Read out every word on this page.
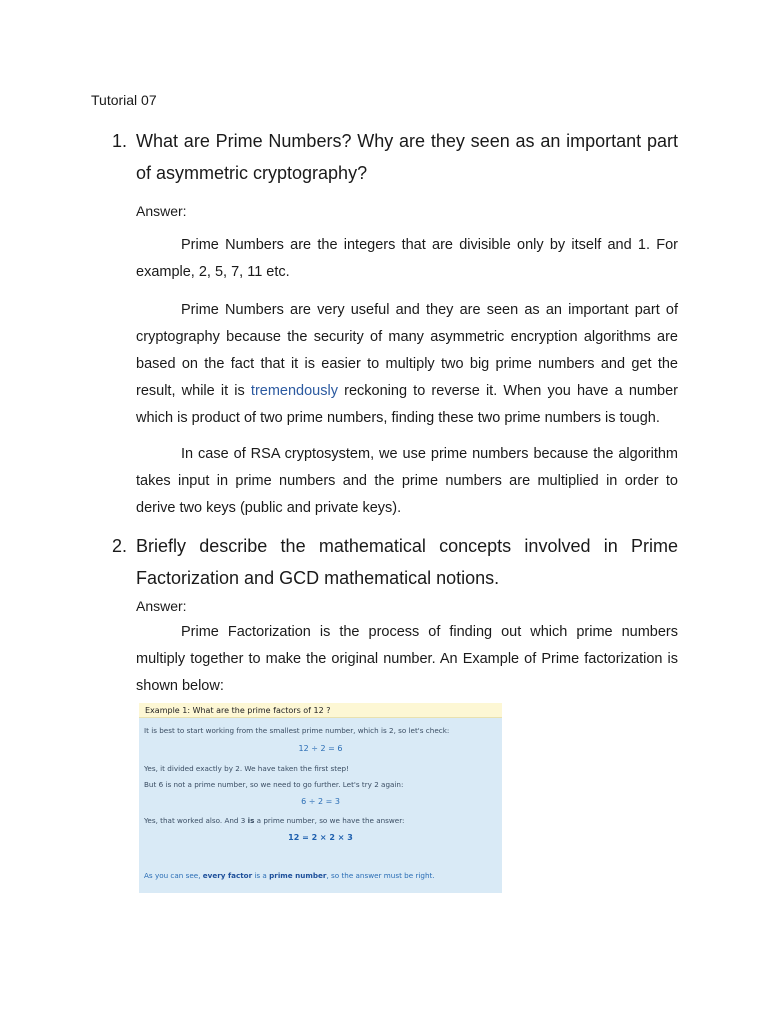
Tutorial 07
1. What are Prime Numbers? Why are they seen as an important part of asymmetric cryptography?
Answer:
Prime Numbers are the integers that are divisible only by itself and 1. For example, 2, 5, 7, 11 etc.
Prime Numbers are very useful and they are seen as an important part of cryptography because the security of many asymmetric encryption algorithms are based on the fact that it is easier to multiply two big prime numbers and get the result, while it is tremendously reckoning to reverse it. When you have a number which is product of two prime numbers, finding these two prime numbers is tough.
In case of RSA cryptosystem, we use prime numbers because the algorithm takes input in prime numbers and the prime numbers are multiplied in order to derive two keys (public and private keys).
2. Briefly describe the mathematical concepts involved in Prime Factorization and GCD mathematical notions.
Answer:
Prime Factorization is the process of finding out which prime numbers multiply together to make the original number. An Example of Prime factorization is shown below:
Example 1: What are the prime factors of 12 ?
It is best to start working from the smallest prime number, which is 2, so let's check:
12 ÷ 2 = 6
Yes, it divided exactly by 2. We have taken the first step!
But 6 is not a prime number, so we need to go further. Let's try 2 again:
6 ÷ 2 = 3
Yes, that worked also. And 3 is a prime number, so we have the answer:
12 = 2 × 2 × 3
As you can see, every factor is a prime number, so the answer must be right.
